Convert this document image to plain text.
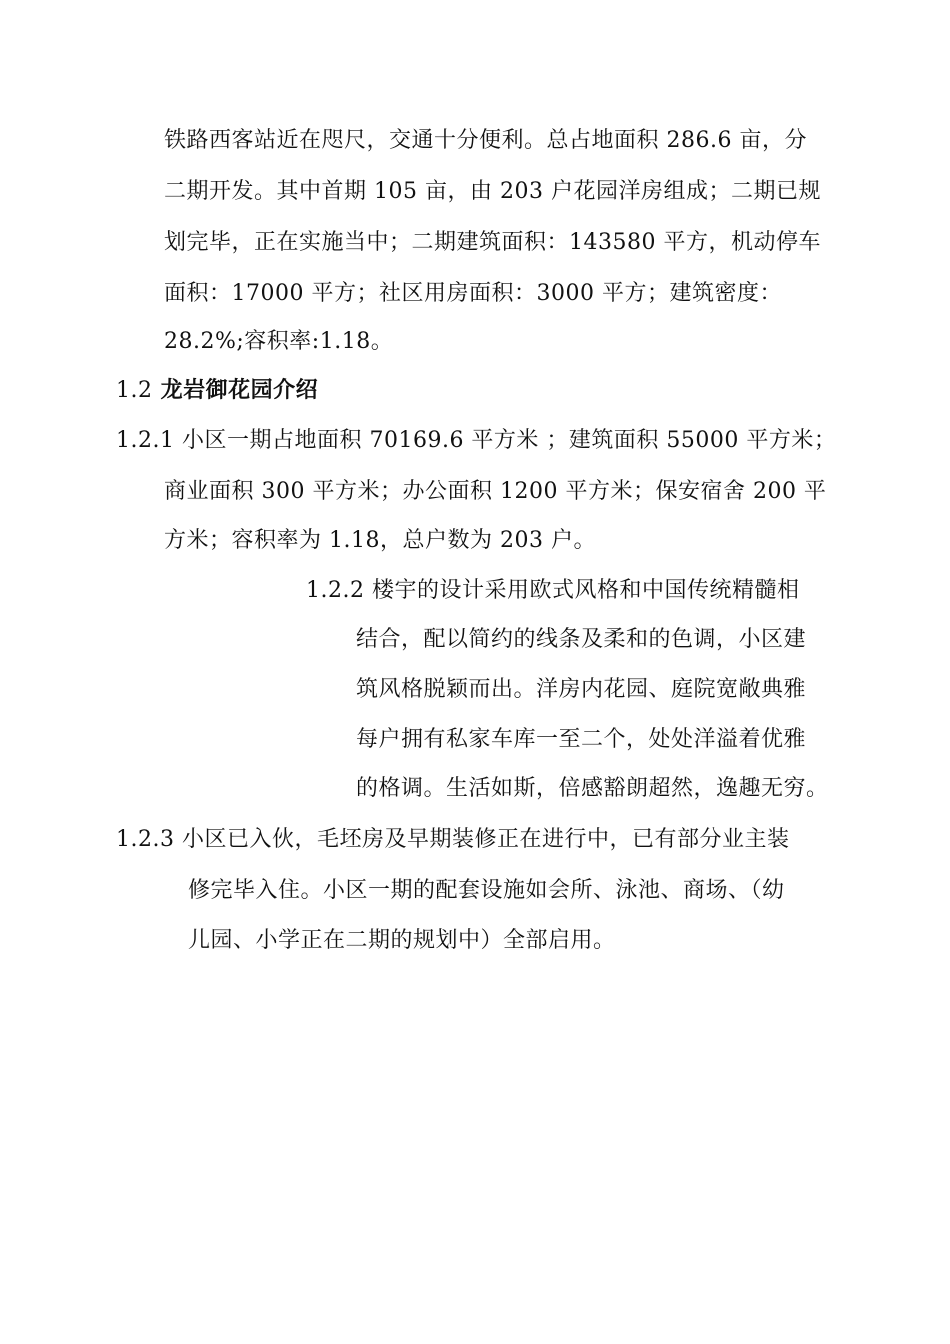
铁路西客站近在咫尺，交通十分便利。总占地面积 286.6 亩，分
二期开发。其中首期 105 亩，由 203 户花园洋房组成；二期已规
划完毕，正在实施当中；二期建筑面积：143580 平方，机动停车
面积：17000 平方；社区用房面积：3000 平方；建筑密度：
28.2%;容积率:1.18。
1.2 龙岩御花园介绍
1.2.1 小区一期占地面积 70169.6 平方米 ；建筑面积 55000 平方米；
商业面积 300 平方米；办公面积 1200 平方米；保安宿舍 200 平
方米；容积率为 1.18，总户数为 203 户。
1.2.2 楼宇的设计采用欧式风格和中国传统精髓相
结合，配以简约的线条及柔和的色调，小区建
筑风格脱颖而出。洋房内花园、庭院宽敞典雅
每户拥有私家车库一至二个，处处洋溢着优雅
的格调。生活如斯，倍感豁朗超然，逸趣无穷。
1.2.3 小区已入伙，毛坯房及早期装修正在进行中，已有部分业主装
修完毕入住。小区一期的配套设施如会所、泳池、商场、（幼
儿园、小学正在二期的规划中）全部启用。
